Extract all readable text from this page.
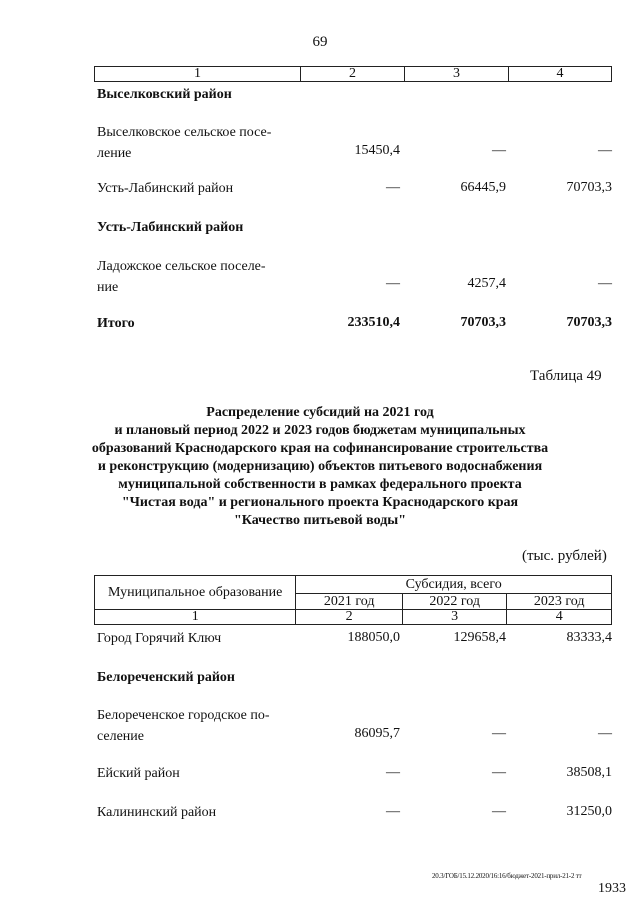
69
1	2	3	4
Выселковский район
Выселковское сельское посе-
ление	15450,4	—	—
Усть-Лабинский район	—	66445,9	70703,3
Усть-Лабинский район
Ладожское сельское поселе-
ние	—	4257,4	—
Итого	233510,4	70703,3	70703,3
Таблица 49
Распределение субсидий на 2021 год
и плановый период 2022 и 2023 годов бюджетам муниципальных
образований Краснодарского края на софинансирование строительства
и реконструкцию (модернизацию) объектов питьевого водоснабжения
муниципальной собственности в рамках федерального проекта
"Чистая вода" и регионального проекта Краснодарского края
"Качество питьевой воды"
(тыс. рублей)
Муниципальное образование	Субсидия, всего		
	2021 год	2022 год	2023 год
1	2	3	4
Город Горячий Ключ	188050,0	129658,4	83333,4
Белореченский район
Белореченское городское по-
селение	86095,7	—	—
Ейский район	—	—	38508,1
Калининский район	—	—	31250,0
20.3/ГОБ/15.12.2020/16:16/бюджет-2021-прил-21-2 тт
1933
